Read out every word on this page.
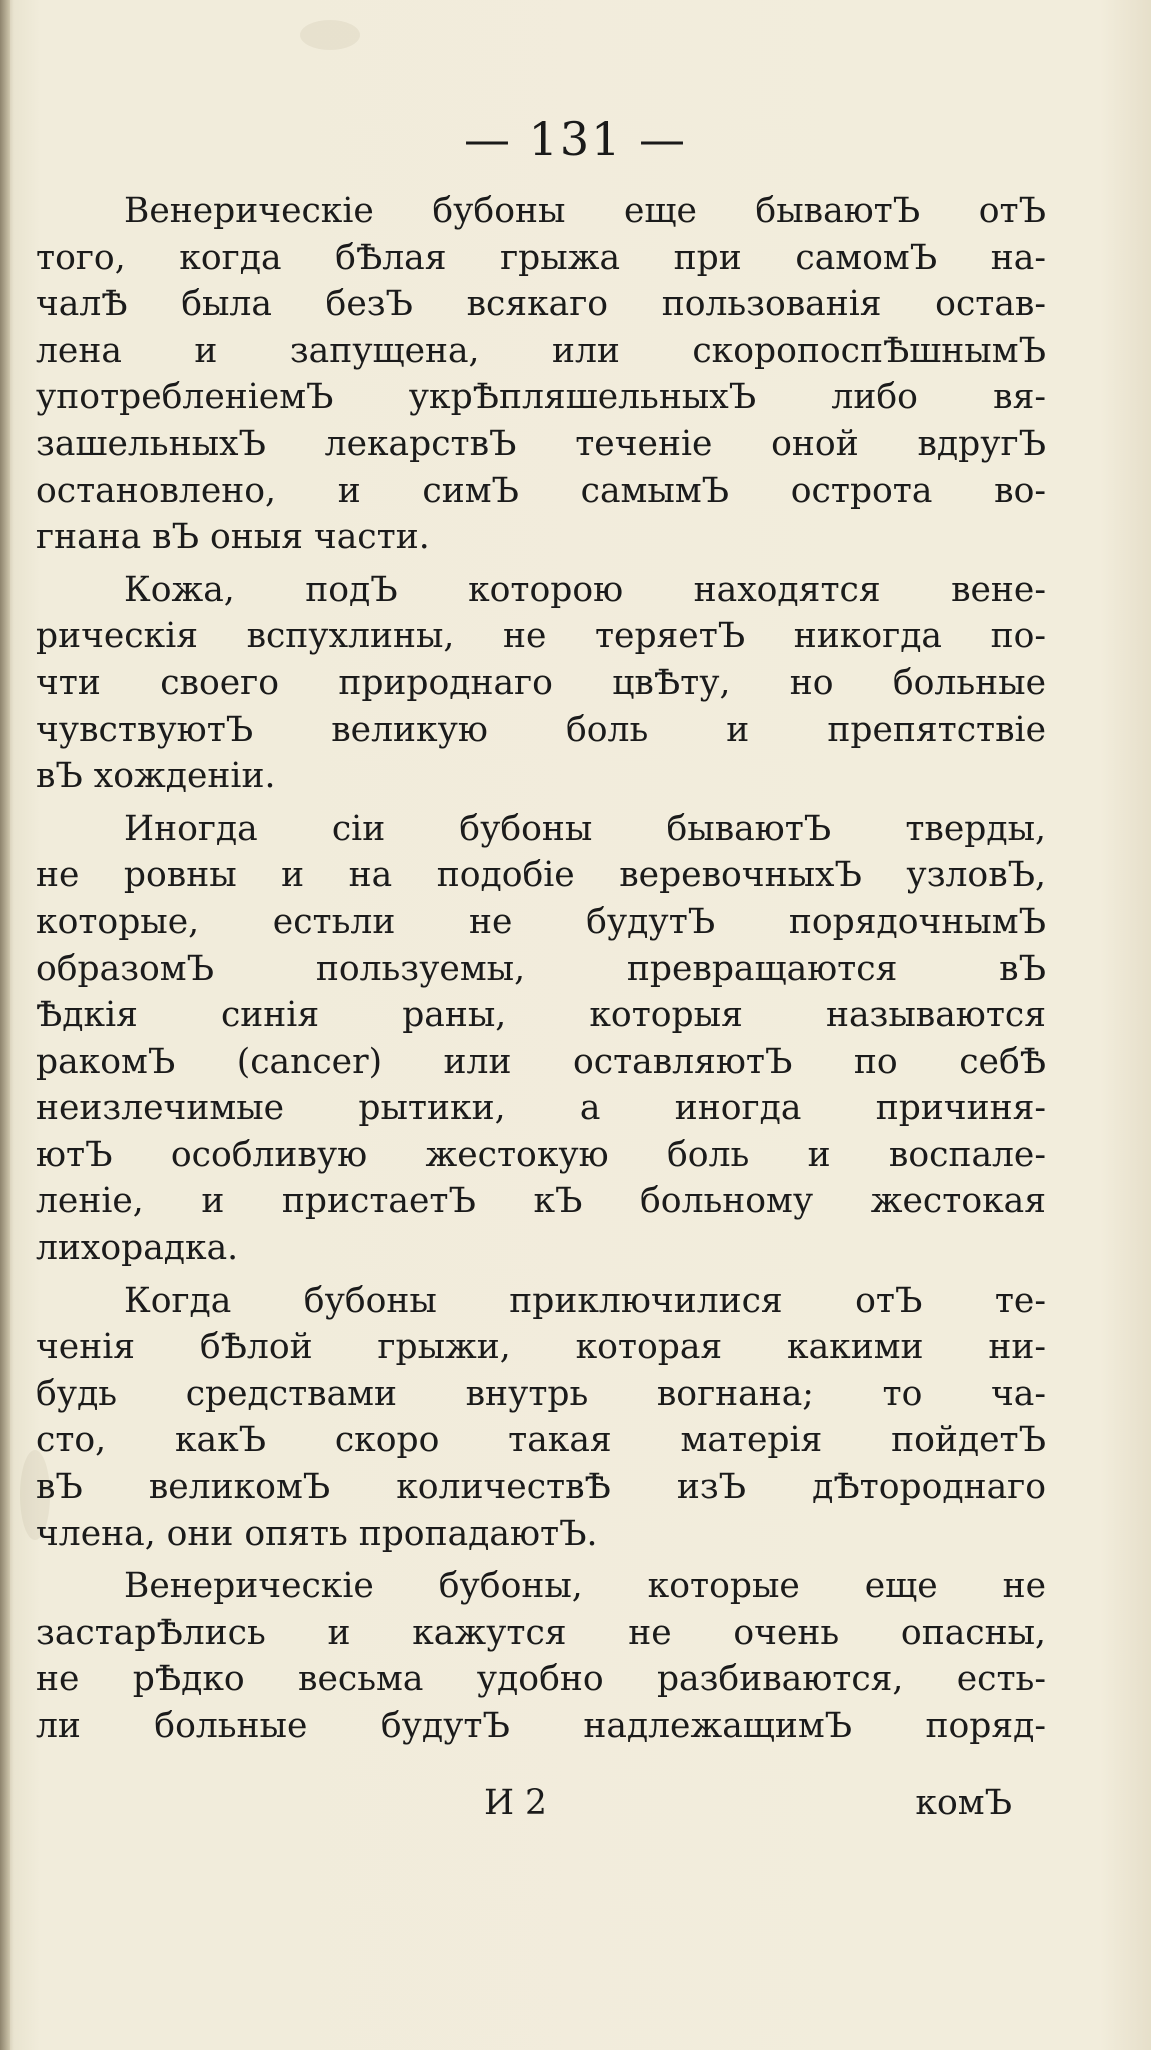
— 131 —
Венерическіе бубоны еще бываютЪ отЪ
того, когда бѢлая грыжа при самомЪ на-
чалѢ была безЪ всякаго пользованія остав-
лена и запущена, или скоропоспѢшнымЪ
употребленіемЪ укрѢпляшельныхЪ либо вя-
зашельныхЪ лекарствЪ теченіе оной вдругЪ
остановлено, и симЪ самымЪ острота во-
гнана вЪ оныя части.
Кожа, подЪ которою находятся вене-
рическія вспухлины, не теряетЪ никогда по-
чти своего природнаго цвѢту, но больные
чувствуютЪ великую боль и препятствіе
вЪ хожденіи.
Иногда сіи бубоны бываютЪ тверды,
не ровны и на подобіе веревочныхЪ узловЪ,
которые, естьли не будутЪ порядочнымЪ
образомЪ пользуемы, превращаются вЪ
Ѣдкія синія раны, которыя называются
ракомЪ (cancer) или оставляютЪ по себѢ
неизлечимые рытики, а иногда причиня-
ютЪ особливую жестокую боль и воспале-
леніе, и пристаетЪ кЪ больному жестокая
лихорадка.
Когда бубоны приключилися отЪ те-
ченія бѢлой грыжи, которая какими ни-
будь средствами внутрь вогнана; то ча-
сто, какЪ скоро такая матерія пойдетЪ
вЪ великомЪ количествѢ изЪ дѢтороднаго
члена, они опять пропадаютЪ.
Венерическіе бубоны, которые еще не
застарѢлись и кажутся не очень опасны,
не рѢдко весьма удобно разбиваются, есть-
ли больные будутЪ надлежащимЪ поряд-
И 2	комЪ
